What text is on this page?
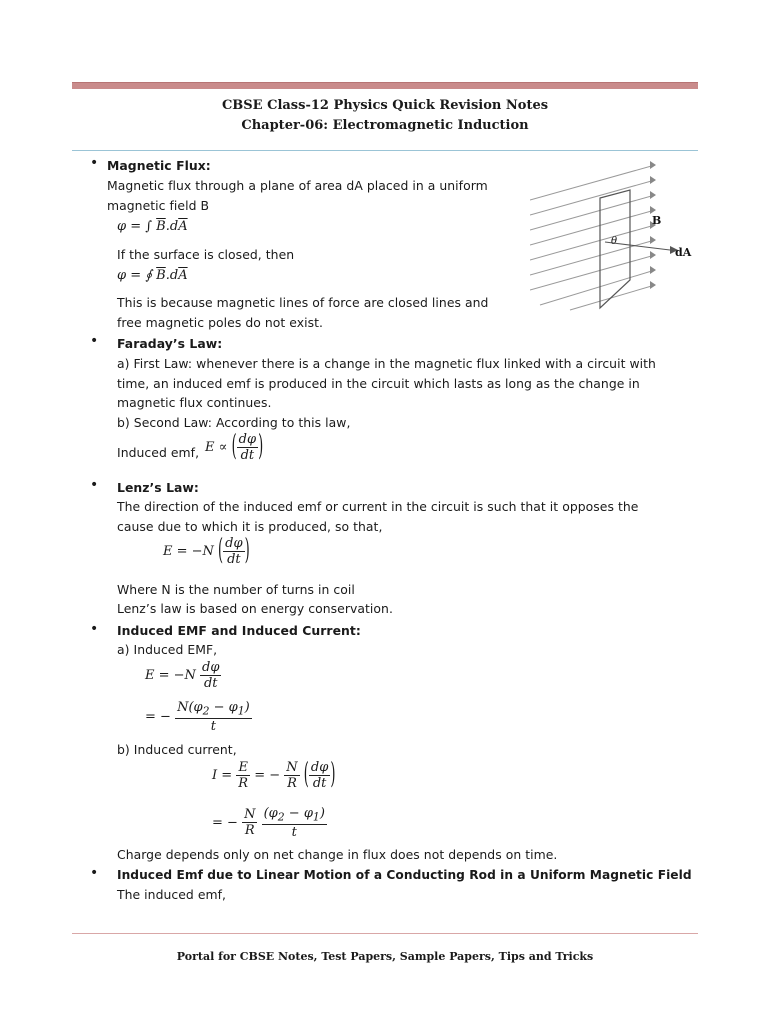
CBSE Class-12 Physics Quick Revision Notes
Chapter-06: Electromagnetic Induction
• Magnetic Flux:
Magnetic flux through a plane of area dA placed in a uniform
magnetic field B
φ = ∫ $\overline{B}.d\overline{A}$
If the surface is closed, then
φ = ∮ $\overline{B}.d\overline{A}$
This is because magnetic lines of force are closed lines and
free magnetic poles do not exist.
B
θ
dA
• Faraday’s Law:
a) First Law: whenever there is a change in the magnetic flux linked with a circuit with
time, an induced emf is produced in the circuit which lasts as long as the change in
magnetic flux continues.
b) Second Law: According to this law,
Induced emf, E ∝ ( $\frac{d\varphi}{dt}$ )
• Lenz’s Law:
The direction of the induced emf or current in the circuit is such that it opposes the
cause due to which it is produced, so that,
E = −N ( $\frac{d\varphi}{dt}$ )
Where N is the number of turns in coil
Lenz’s law is based on energy conservation.
• Induced EMF and Induced Current:
a) Induced EMF,
$E = -N \frac{d\varphi}{dt}$
= − $\frac{N(\varphi_2 - \varphi_1)}{t}$
b) Induced current,
$I = \frac{E}{R}$ = − $\frac{N}{R}$ ( $\frac{d\varphi}{dt}$ )
= − $\frac{N}{R}$
$\frac{(\varphi_2 - \varphi_1)}{t}$
Charge depends only on net change in flux does not depends on time.
• Induced Emf due to Linear Motion of a Conducting Rod in a Uniform Magnetic Field
The induced emf,
Portal for CBSE Notes, Test Papers, Sample Papers, Tips and Tricks
